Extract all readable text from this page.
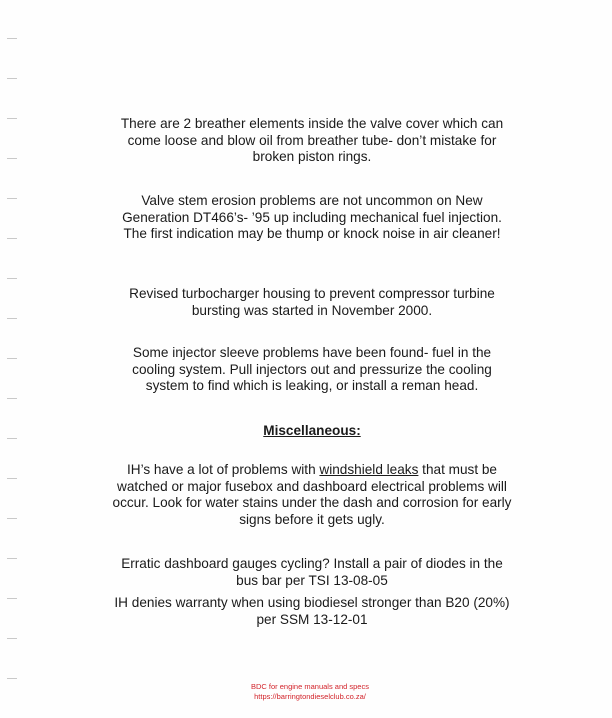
There are 2 breather elements inside the valve cover which can come loose and blow oil from breather tube- don’t mistake for broken piston rings.

Valve stem erosion problems are not uncommon on New Generation DT466’s- ’95 up including mechanical fuel injection. The first indication may be thump or knock noise in air cleaner!

Revised turbocharger housing to prevent compressor turbine bursting was started in November 2000.

Some injector sleeve problems have been found- fuel in the cooling system. Pull injectors out and pressurize the cooling system to find which is leaking, or install a reman head.

Miscellaneous:

IH’s have a lot of problems with windshield leaks that must be watched or major fusebox and dashboard electrical problems will occur. Look for water stains under the dash and corrosion for early signs before it gets ugly.

Erratic dashboard gauges cycling? Install a pair of diodes in the bus bar per TSI 13-08-05

IH denies warranty when using biodiesel stronger than B20 (20%) per SSM 13-12-01

BDC for engine manuals and specs
https://barringtondieselclub.co.za/
